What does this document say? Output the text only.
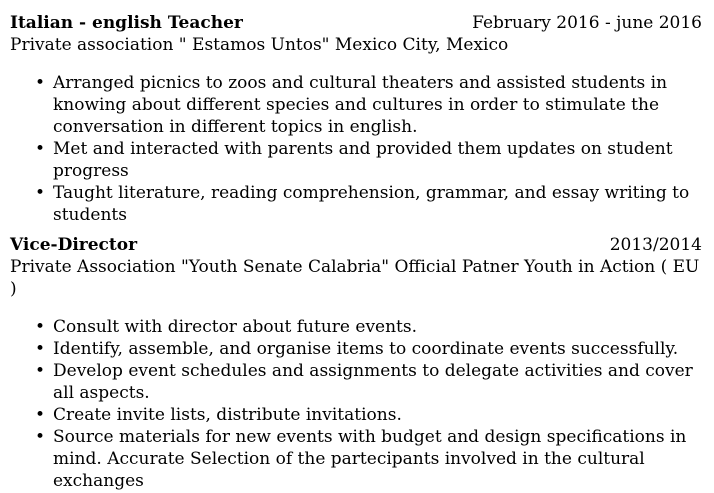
Italian - english Teacher	February 2016 - june 2016
Private association " Estamos Untos" Mexico City, Mexico
• Arranged picnics to zoos and cultural theaters and assisted students in knowing about different species and cultures in order to stimulate the conversation in different topics in english.
• Met and interacted with parents and provided them updates on student progress
• Taught literature, reading comprehension, grammar, and essay writing to students
Vice-Director	2013/2014
Private Association "Youth Senate Calabria" Official Patner Youth in Action ( EU )
• Consult with director about future events.
• Identify, assemble, and organise items to coordinate events successfully.
• Develop event schedules and assignments to delegate activities and cover all aspects.
• Create invite lists, distribute invitations.
• Source materials for new events with budget and design specifications in mind. Accurate Selection of the partecipants involved in the cultural exchanges
